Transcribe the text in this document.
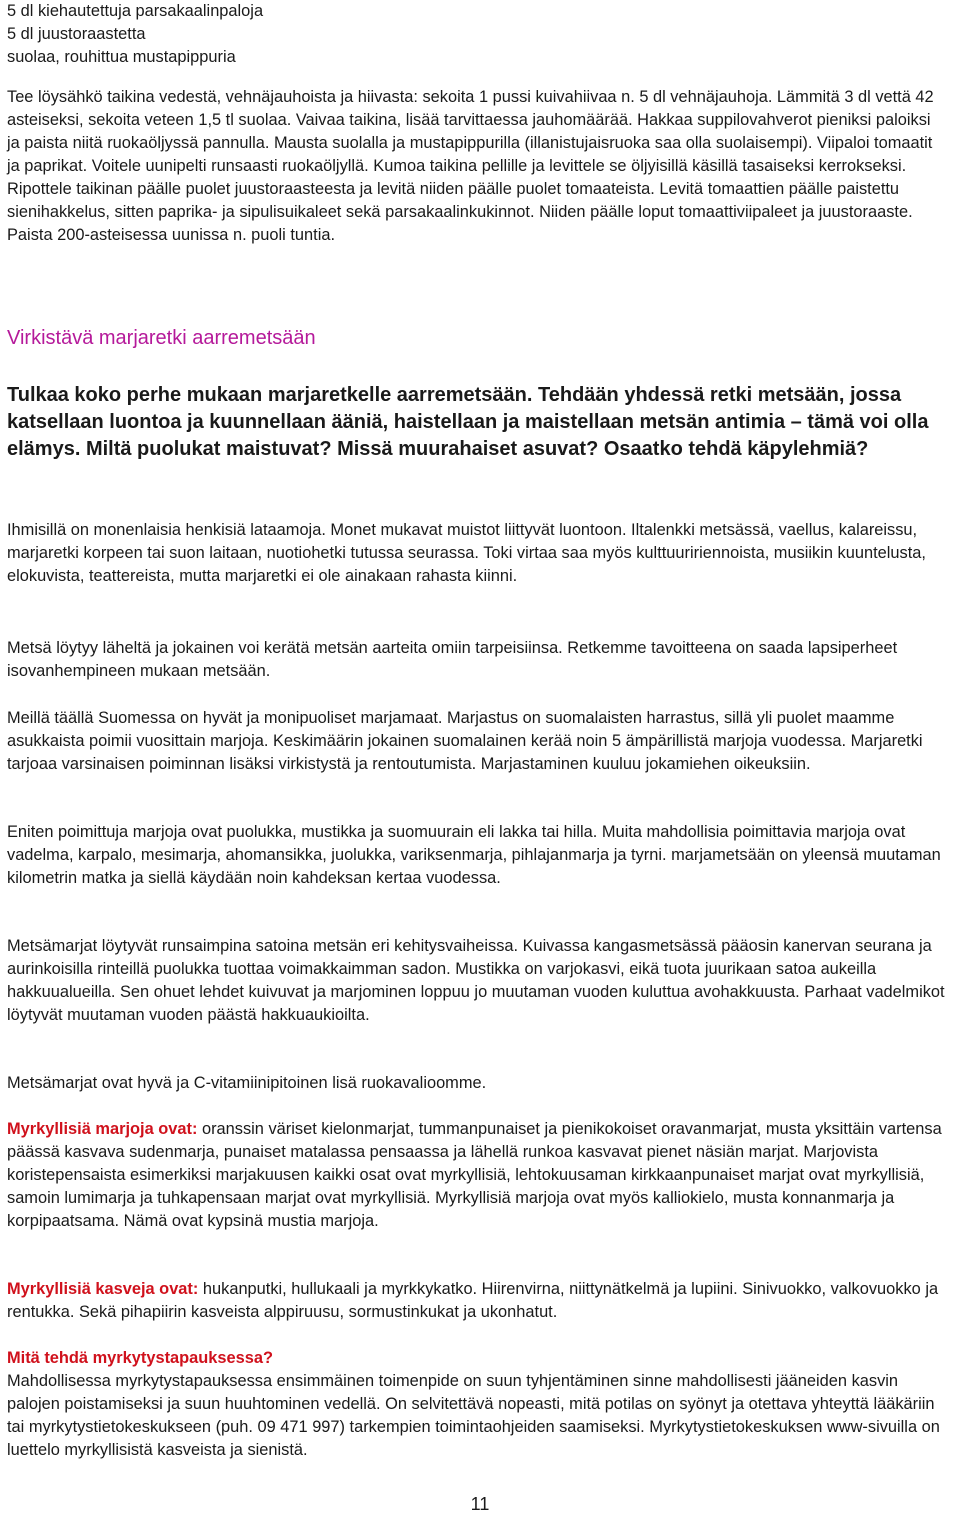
5 dl kiehautettuja parsakaalinpaloja

5 dl juustoraastetta

suolaa, rouhittua mustapippuria

Tee löysähkö taikina vedestä, vehnäjauhoista ja hiivasta: sekoita 1 pussi kuivahiivaa n. 5 dl vehnäjauhoja. Lämmitä 3 dl vettä 42 asteiseksi, sekoita veteen 1,5 tl suolaa. Vaivaa taikina, lisää tarvittaessa jauhomäärää. Hakkaa suppilovahverot pieniksi paloiksi ja paista niitä ruokaöljyssä pannulla. Mausta suolalla ja mustapippurilla (illanistujaisruoka saa olla suolaisempi). Viipaloi tomaatit ja paprikat. Voitele uunipelti runsaasti ruokaöljyllä. Kumoa taikina pellille ja levittele se öljyisillä käsillä tasaiseksi kerrokseksi. Ripottele taikinan päälle puolet juustoraasteesta ja levitä niiden päälle puolet tomaateista. Levitä tomaattien päälle paistettu sienihakkelus, sitten paprika- ja sipulisuikaleet sekä parsakaalinkukinnot. Niiden päälle loput tomaattiviipaleet ja juustoraaste. Paista 200-asteisessa uunissa n. puoli tuntia.

Virkistävä marjaretki aarremetsään

Tulkaa koko perhe mukaan marjaretkelle aarremetsään. Tehdään yhdessä retki metsään, jossa katsellaan luontoa ja kuunnellaan ääniä, haistellaan ja maistellaan metsän antimia – tämä voi olla elämys. Miltä puolukat maistuvat? Missä muurahaiset asuvat? Osaatko tehdä käpylehmiä?

Ihmisillä on monenlaisia henkisiä lataamoja. Monet mukavat muistot liittyvät luontoon. Iltalenkki metsässä, vaellus, kalareissu, marjaretki korpeen tai suon laitaan, nuotiohetki tutussa seurassa. Toki virtaa saa myös kulttuuririennoista, musiikin kuuntelusta, elokuvista, teattereista, mutta marjaretki ei ole ainakaan rahasta kiinni.

Metsä löytyy läheltä ja jokainen voi kerätä metsän aarteita omiin tarpeisiinsa. Retkemme tavoitteena on saada lapsiperheet isovanhempineen mukaan metsään.

Meillä täällä Suomessa on hyvät ja monipuoliset marjamaat. Marjastus on suomalaisten harrastus, sillä yli puolet maamme asukkaista poimii vuosittain marjoja. Keskimäärin jokainen suomalainen kerää noin 5 ämpärillistä marjoja vuodessa. Marjaretki tarjoaa varsinaisen poiminnan lisäksi virkistystä ja rentoutumista. Marjastaminen kuuluu jokamiehen oikeuksiin.

Eniten poimittuja marjoja ovat puolukka, mustikka ja suomuurain eli lakka tai hilla. Muita mahdollisia poimittavia marjoja ovat vadelma, karpalo, mesimarja, ahomansikka, juolukka, variksenmarja, pihlajanmarja ja tyrni. marjametsään on yleensä muutaman kilometrin matka ja siellä käydään noin kahdeksan kertaa vuodessa.

Metsämarjat löytyvät runsaimpina satoina metsän eri kehitysvaiheissa. Kuivassa kangasmetsässä pääosin kanervan seurana ja aurinkoisilla rinteillä puolukka tuottaa voimakkaimman sadon. Mustikka on varjokasvi, eikä tuota juurikaan satoa aukeilla hakkuualueilla. Sen ohuet lehdet kuivuvat ja marjominen loppuu jo muutaman vuoden kuluttua avohakkuusta. Parhaat vadelmikot löytyvät muutaman vuoden päästä hakkuaukioilta.

Metsämarjat ovat hyvä ja C-vitamiinipitoinen lisä ruokavalioomme.

Myrkyllisiä marjoja ovat: oranssin väriset kielonmarjat, tummanpunaiset ja pienikokoiset oravanmarjat, musta yksittäin vartensa päässä kasvava sudenmarja, punaiset matalassa pensaassa ja lähellä runkoa kasvavat pienet näsiän marjat. Marjovista koristepensaista esimerkiksi marjakuusen kaikki osat ovat myrkyllisiä, lehtokuusaman kirkkaanpunaiset marjat ovat myrkyllisiä, samoin lumimarja ja tuhkapensaan marjat ovat myrkyllisiä. Myrkyllisiä marjoja ovat myös kalliokielo, musta konnanmarja ja korpipaatsama. Nämä ovat kypsinä mustia marjoja.

Myrkyllisiä kasveja ovat: hukanputki, hullukaali ja myrkkykatko. Hiirenvirna, niittynätkelmä ja lupiini. Sinivuokko, valkovuokko ja rentukka. Sekä pihapiirin kasveista alppiruusu, sormustinkukat ja ukonhatut.

Mitä tehdä myrkytystapauksessa?

Mahdollisessa myrkytystapauksessa ensimmäinen toimenpide on suun tyhjentäminen sinne mahdollisesti jääneiden kasvin palojen poistamiseksi ja suun huuhtominen vedellä. On selvitettävä nopeasti, mitä potilas on syönyt ja otettava yhteyttä lääkäriin tai myrkytystietokeskukseen (puh. 09 471 997) tarkempien toimintaohjeiden saamiseksi. Myrkytystietokeskuksen www-sivuilla on luettelo myrkyllisistä kasveista ja sienistä.

11
